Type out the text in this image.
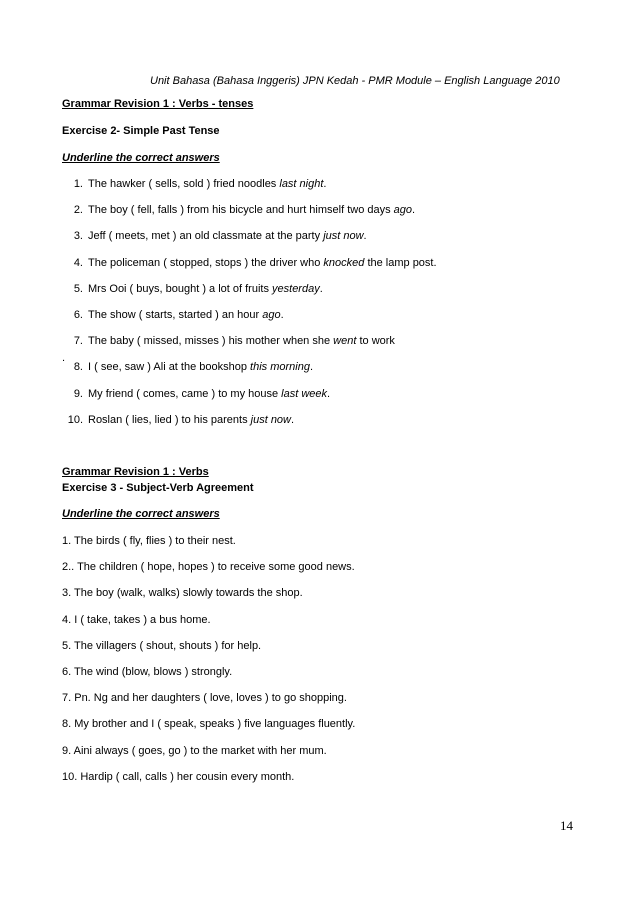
Unit Bahasa (Bahasa Inggeris) JPN Kedah - PMR Module – English Language 2010
Grammar Revision 1 : Verbs - tenses
Exercise 2- Simple Past Tense
Underline the correct answers
1. The hawker ( sells, sold ) fried noodles last night.
2. The boy ( fell, falls ) from his bicycle and hurt himself two days ago.
3. Jeff ( meets, met ) an old classmate at the party just now.
4. The policeman ( stopped, stops ) the driver who knocked the lamp post.
5. Mrs Ooi ( buys, bought ) a lot of fruits yesterday.
6. The show ( starts, started ) an hour ago.
7. The baby ( missed, misses ) his mother when she went to work
8. I ( see, saw ) Ali at the bookshop this morning.
9. My friend ( comes, came ) to my house last week.
10. Roslan ( lies, lied ) to his parents just now.
.
Grammar Revision 1 : Verbs
Exercise 3 - Subject-Verb Agreement
Underline the correct answers
1. The birds ( fly, flies ) to their nest.
2.. The children ( hope, hopes ) to receive some good news.
3. The boy (walk, walks) slowly towards the shop.
4. I ( take, takes ) a bus home.
5. The villagers ( shout, shouts ) for help.
6. The wind (blow, blows ) strongly.
7. Pn. Ng and her daughters ( love, loves ) to go shopping.
8. My brother and I ( speak, speaks ) five languages fluently.
9. Aini always ( goes, go ) to the market with her mum.
10. Hardip ( call, calls ) her cousin every month.
14
